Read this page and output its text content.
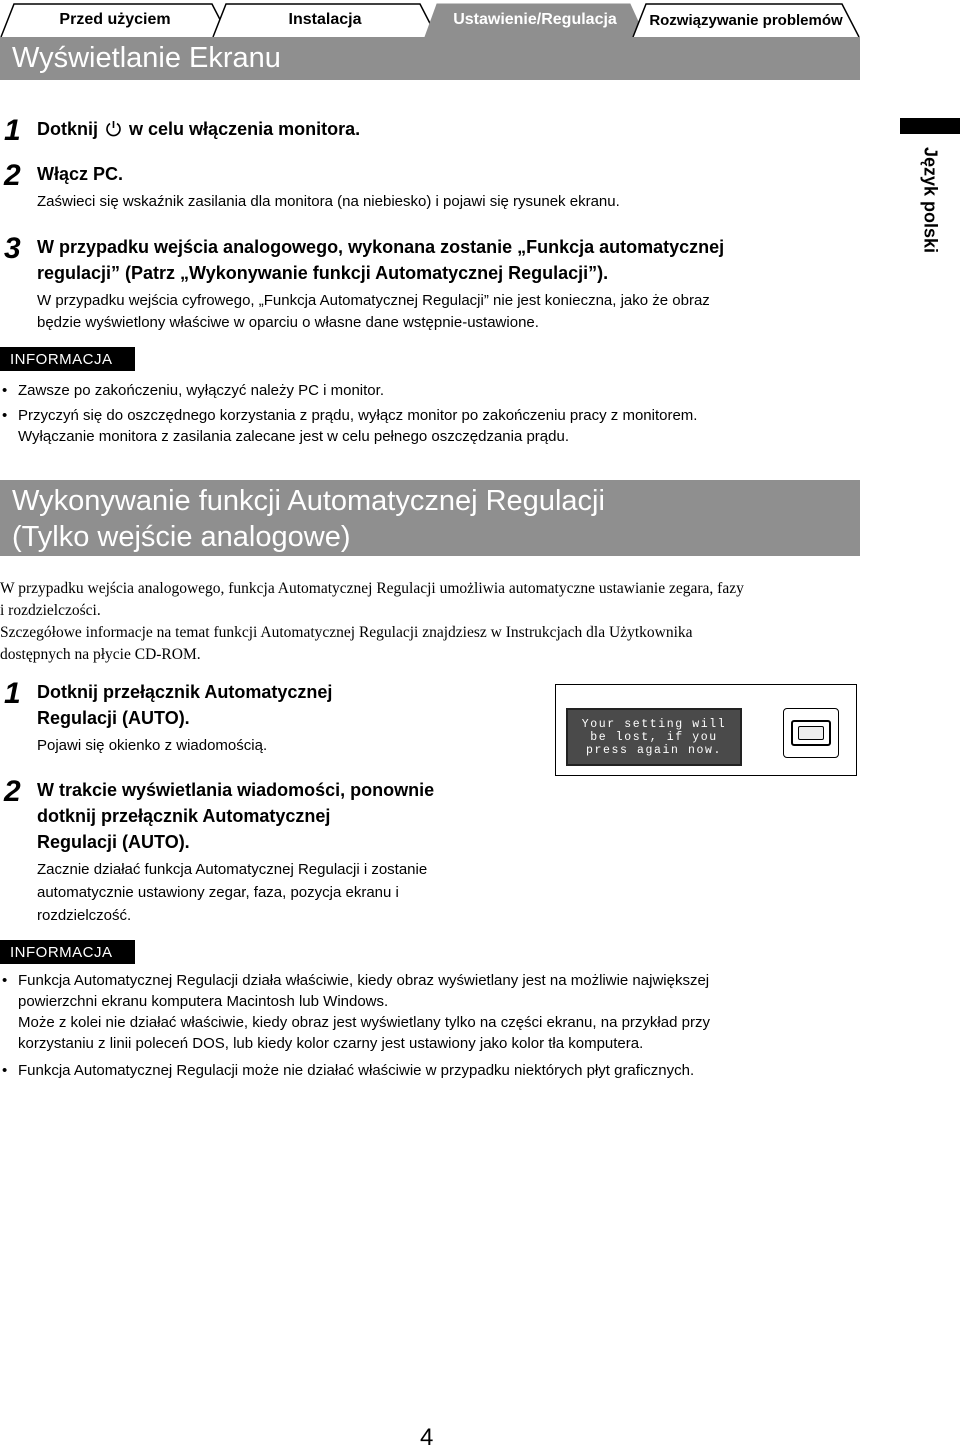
Przed użyciem	Instalacja	Ustawienie/Regulacja Rozwiązywanie problemów
Wyświetlanie Ekranu
Język polski
1 Dotknij w celu włączenia monitora.
2 Włącz PC.
Zaświeci się wskaźnik zasilania dla monitora (na niebiesko) i pojawi się rysunek ekranu.
3 W przypadku wejścia analogowego, wykonana zostanie „Funkcja automatycznej
regulacji” (Patrz „Wykonywanie funkcji Automatycznej Regulacji”).
W przypadku wejścia cyfrowego, „Funkcja Automatycznej Regulacji” nie jest konieczna, jako że obraz
będzie wyświetlony właściwe w oparciu o własne dane wstępnie-ustawione.
INFORMACJA
• Zawsze po zakończeniu, wyłączyć należy PC i monitor.
• Przyczyń się do oszczędnego korzystania z prądu, wyłącz monitor po zakończeniu pracy z monitorem.
Wyłączanie monitora z zasilania zalecane jest w celu pełnego oszczędzania prądu.
Wykonywanie funkcji Automatycznej Regulacji
(Tylko wejście analogowe)
W przypadku wejścia analogowego, funkcja Automatycznej Regulacji umożliwia automatyczne ustawianie zegara, fazy
i rozdzielczości.
Szczegółowe informacje na temat funkcji Automatycznej Regulacji znajdziesz w Instrukcjach dla Użytkownika
dostępnych na płycie CD-ROM.
1 Dotknij przełącznik Automatycznej
Regulacji (AUTO).
Pojawi się okienko z wiadomością.
2 W trakcie wyświetlania wiadomości, ponownie
dotknij przełącznik Automatycznej
Regulacji (AUTO).
Zacznie działać funkcja Automatycznej Regulacji i zostanie
automatycznie ustawiony zegar, faza, pozycja ekranu i
rozdzielczość.
Your setting will
be lost, if you
press again now.
INFORMACJA
• Funkcja Automatycznej Regulacji działa właściwie, kiedy obraz wyświetlany jest na możliwie największej
powierzchni ekranu komputera Macintosh lub Windows.
Może z kolei nie działać właściwie, kiedy obraz jest wyświetlany tylko na części ekranu, na przykład przy
korzystaniu z linii poleceń DOS, lub kiedy kolor czarny jest ustawiony jako kolor tła komputera.
• Funkcja Automatycznej Regulacji może nie działać właściwie w przypadku niektórych płyt graficznych.
4
